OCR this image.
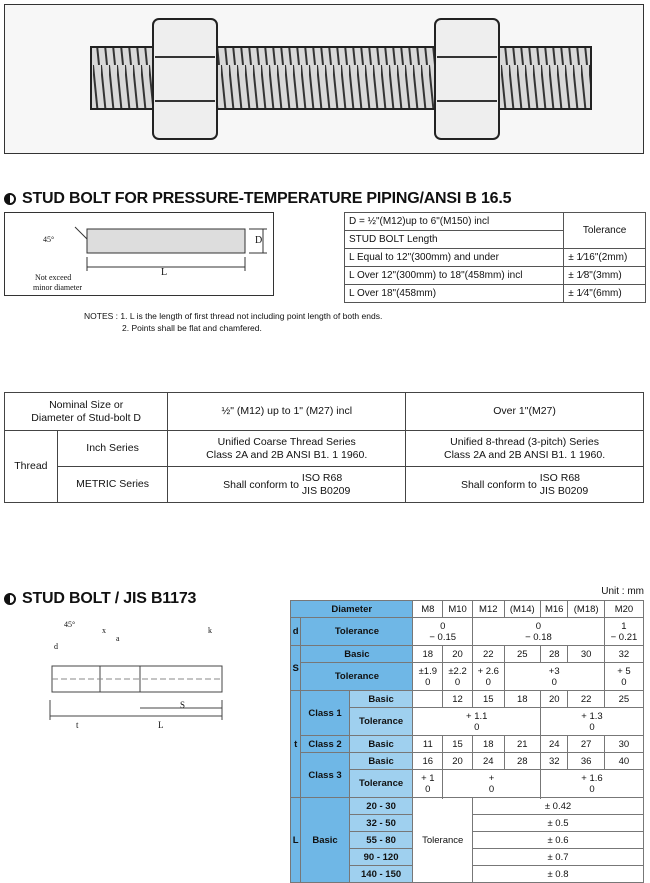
STUD BOLT FOR PRESSURE-TEMPERATURE PIPING/ANSI B 16.5
45°	D
L
Not exceed
minor diameter
D = ½"(M12)up to 6"(M150) incl	Tolerance
STUD BOLT Length	
L Equal to 12"(300mm) and under	± 1⁄16"(2mm)
L Over 12"(300mm) to 18"(458mm) incl	± 1⁄8"(3mm)
L Over 18"(458mm)	± 1⁄4"(6mm)
NOTES : 1. L is the length of first thread not including point length of both ends.
2. Points shall be flat and chamfered.
Nominal Size or
Diameter of Stud-bolt D		½" (M12) up to 1" (M27) incl	Over 1"(M27)
Thread	Inch Series	Unified Coarse Thread Series
Class 2A and 2B ANSI B1. 1 1960.	Unified 8-thread (3-pitch) Series
Class 2A and 2B ANSI B1. 1 1960.
	METRIC Series	Shall conform to ISO R68
JIS B0209	Shall conform to ISO R68
JIS B0209
STUD BOLT / JIS B1173	Unit : mm
45°
x
a
k
d
S
t	L
Diameter			M8	M10	M12	(M14)	M16	(M18)	M20
d	Tolerance		0
− 0.15		0
− 0.18				1
− 0.21
S	Basic		18	20	22	25	28	30	32
	Tolerance		±1.9
0	±2.2
0	+ 2.6
0	+3
0			+ 5
0
t	Class 1	Basic		12	15	18	20	22	25
		Tolerance	+ 1.1
0				+ 1.3
0		
	Class 2	Basic	11	15	18	21	24	27	30
	Class 3	Basic	16	20	24	28	32	36	40
		Tolerance	+ 1
0	+
0			+ 1.6
0		

L	Basic	20 - 30	Tolerance		± 0.42				
		32 - 50			± 0.5				
		55 - 80			± 0.6				
		90 - 120			± 0.7				
		140 - 150			± 0.8				
